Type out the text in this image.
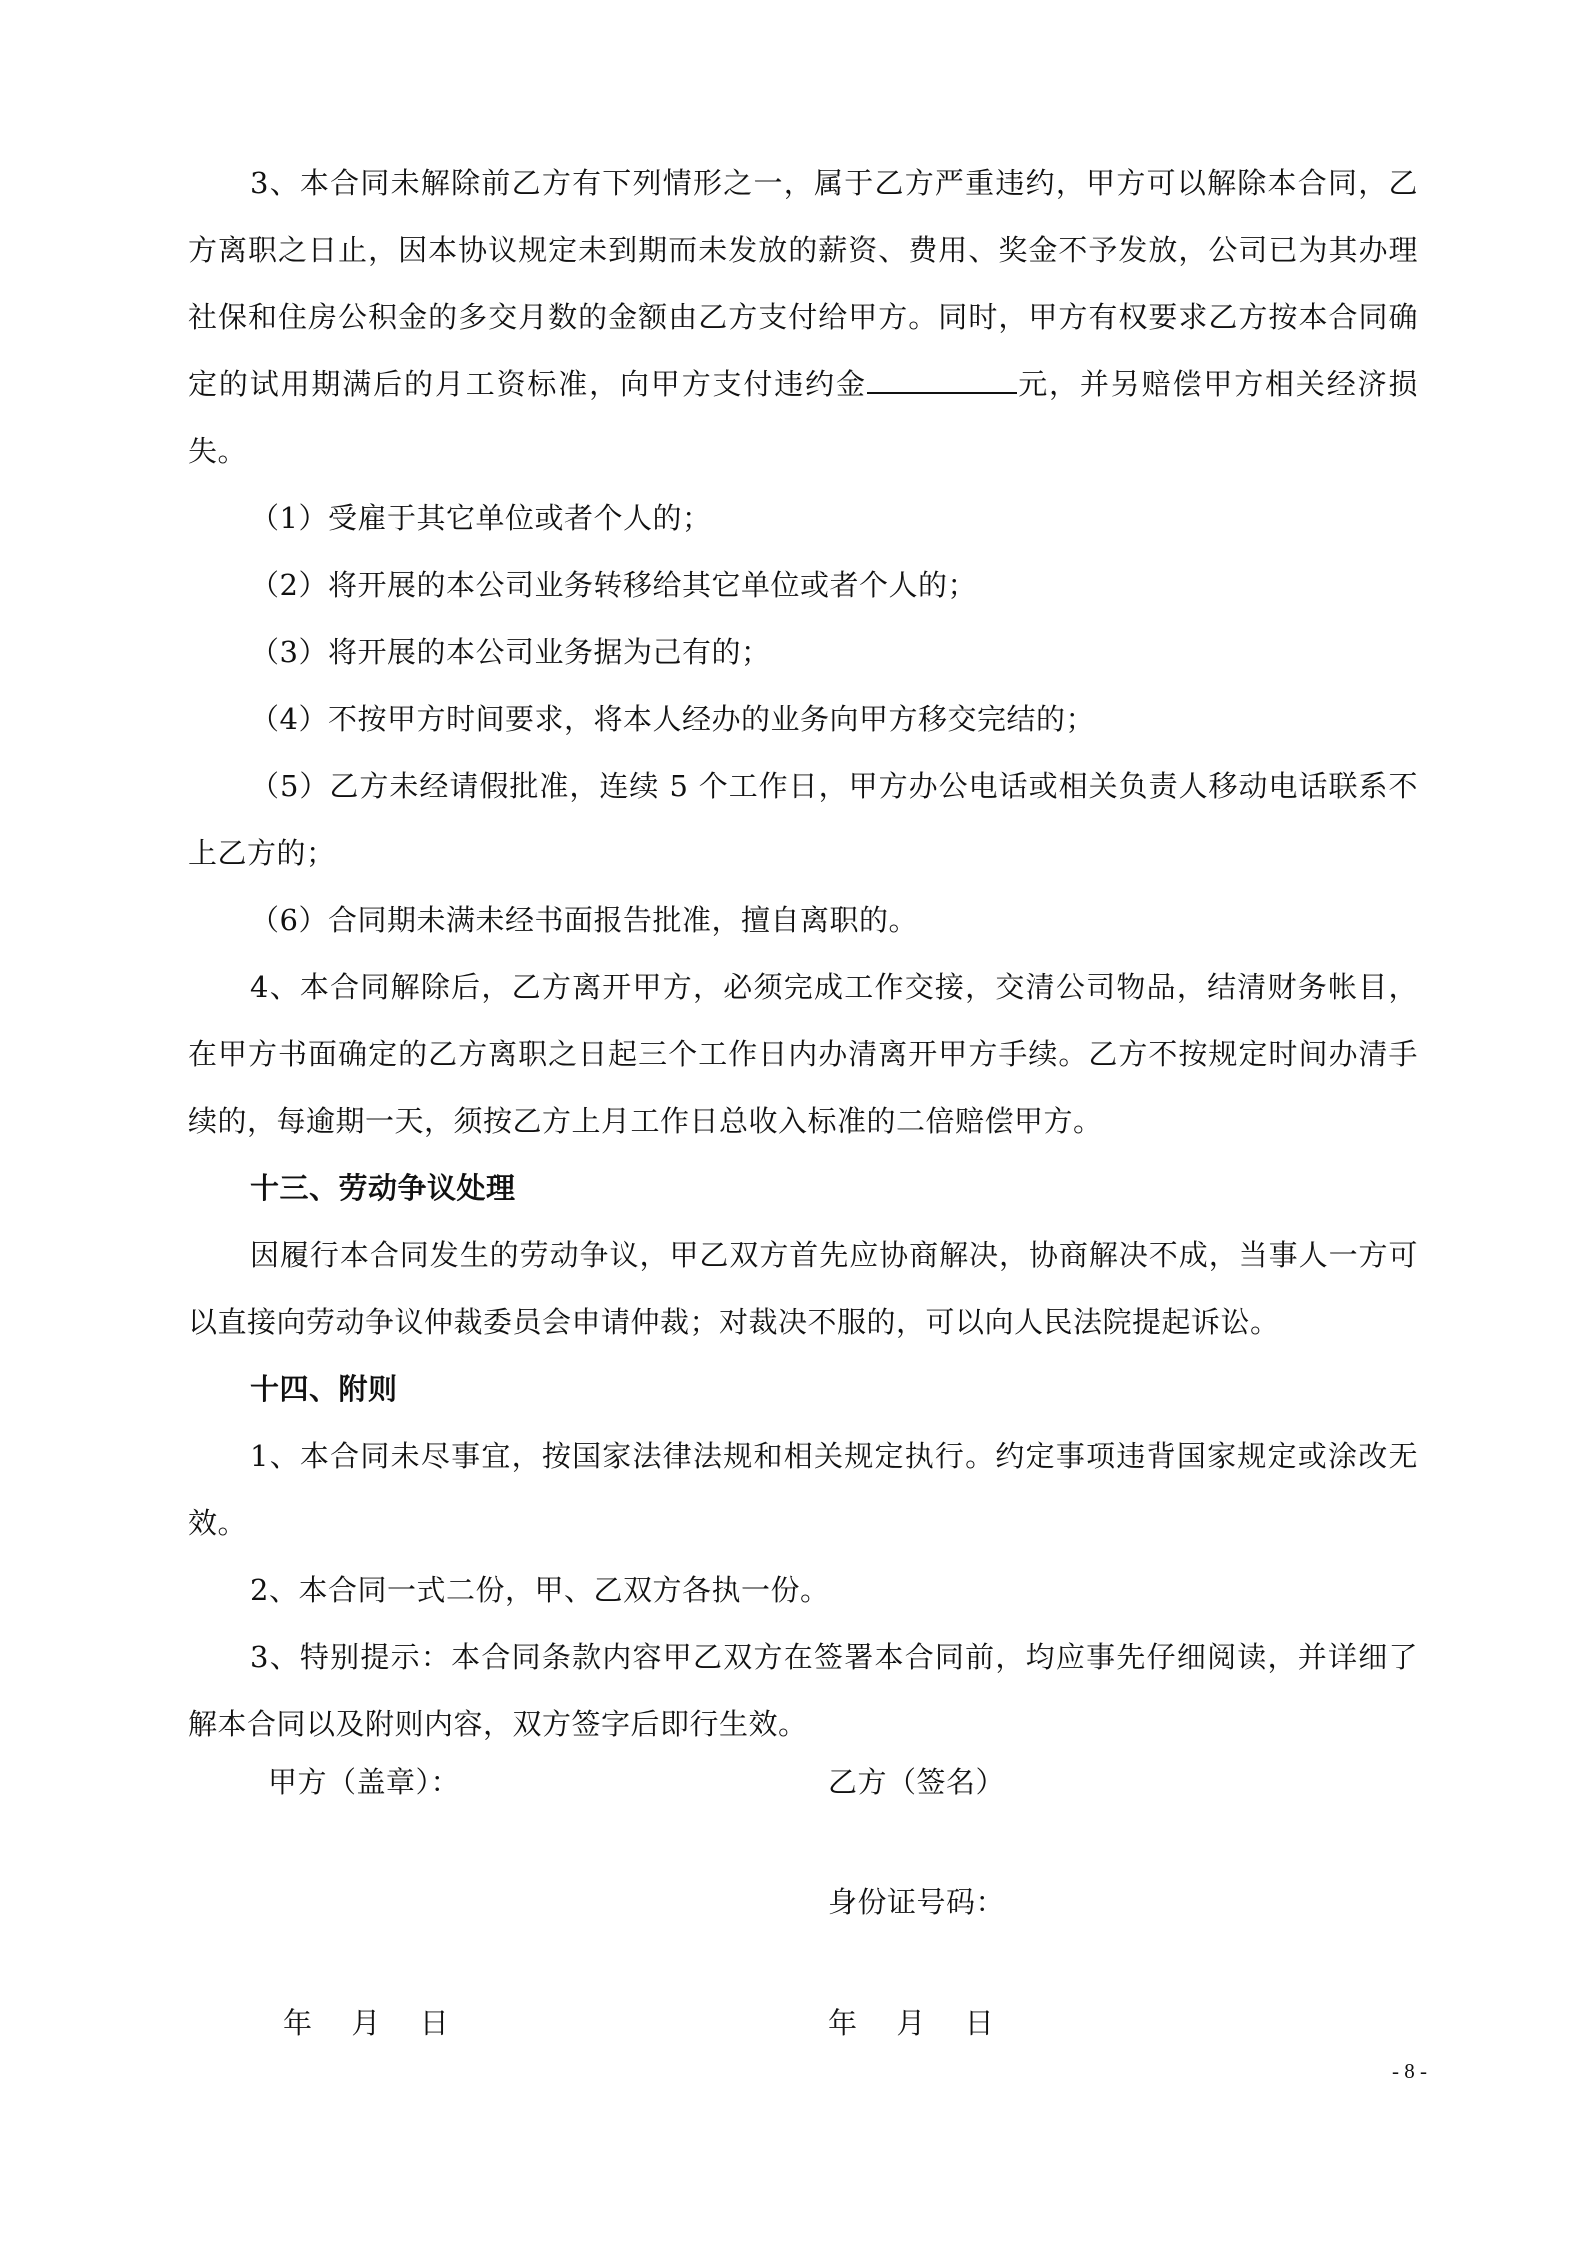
3、本合同未解除前乙方有下列情形之一，属于乙方严重违约，甲方可以解除本合同，乙方离职之日止，因本协议规定未到期而未发放的薪资、费用、奖金不予发放，公司已为其办理社保和住房公积金的多交月数的金额由乙方支付给甲方。同时，甲方有权要求乙方按本合同确定的试用期满后的月工资标准，向甲方支付违约金	元，并另赔偿甲方相关经济损失。

（1）受雇于其它单位或者个人的；

（2）将开展的本公司业务转移给其它单位或者个人的；

（3）将开展的本公司业务据为己有的；

（4）不按甲方时间要求，将本人经办的业务向甲方移交完结的；

（5）乙方未经请假批准，连续 5 个工作日，甲方办公电话或相关负责人移动电话联系不上乙方的；

（6）合同期未满未经书面报告批准，擅自离职的。

4、本合同解除后，乙方离开甲方，必须完成工作交接，交清公司物品，结清财务帐目，在甲方书面确定的乙方离职之日起三个工作日内办清离开甲方手续。乙方不按规定时间办清手续的，每逾期一天，须按乙方上月工作日总收入标准的二倍赔偿甲方。

十三、劳动争议处理

因履行本合同发生的劳动争议，甲乙双方首先应协商解决，协商解决不成，当事人一方可以直接向劳动争议仲裁委员会申请仲裁；对裁决不服的，可以向人民法院提起诉讼。

十四、附则

1、本合同未尽事宜，按国家法律法规和相关规定执行。约定事项违背国家规定或涂改无效。

2、本合同一式二份，甲、乙双方各执一份。

3、特别提示：本合同条款内容甲乙双方在签署本合同前，均应事先仔细阅读，并详细了解本合同以及附则内容，双方签字后即行生效。

甲方（盖章）：	乙方（签名）
身份证号码：
年    月    日	年    月    日
- 8 -
